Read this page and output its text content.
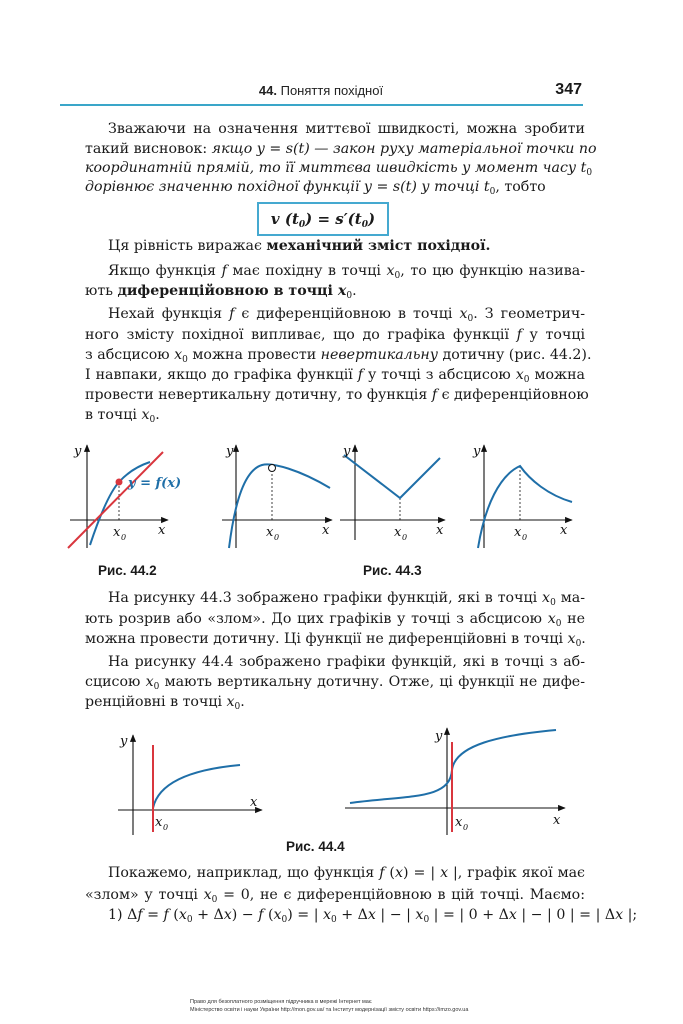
44. Поняття похідної	347
Зважаючи на означення миттєвої швидкості, можна зробити
такий висновок: якщо y = s(t) — закон руху матеріальної точки по
координатній прямій, то її миттєва швидкість у момент часу $t_0$
дорівнює значенню похідної функції y = s(t) у точці $t_0$, тобто
Ця рівність виражає механічний зміст похідної.
Якщо функція f має похідну в точці $x_0$, то цю функцію назива-
ють диференційовною в точці $x_0$.
Нехай функція f є диференційовною в точці $x_0$. З геометрич-
ного змісту похідної випливає, що до графіка функції f у точці
з абсцисою $x_0$ можна провести невертикальну дотичну (рис. 44.2).
І навпаки, якщо до графіка функції f у точці з абсцисою $x_0$ можна
провести невертикальну дотичну, то функція f є диференційовною
в точці $x_0$.
На рисунку 44.3 зображено графіки функцій, які в точці $x_0$ ма-
ють розрив або «злом». До цих графіків у точці з абсцисою $x_0$ не
можна провести дотичну. Ці функції не диференційовні в точці $x_0$.
На рисунку 44.4 зображено графіки функцій, які в точці з аб-
сцисою $x_0$ мають вертикальну дотичну. Отже, ці функції не дифе-
ренційовні в точці $x_0$.
Покажемо, наприклад, що функція f (x) = | x |, графік якої має
«злом» у точці $x_0 = 0$, не є диференційовною в цій точці. Маємо:
1) Δf = f $(x_0 + \Delta x) - f$ $(x_0)$ = | $x_0 + \Delta x$ | − | $x_0$ | = | 0 + Δx | − | 0 | = | Δx |;
v $(t_0) = s'(t_0)$
y
x
x 0
y = f(x)
y
x
x 0
y
x
x 0
y
x
x 0
y
x
x 0
y
x
x 0
Рис. 44.2	Рис. 44.3
Рис. 44.4
Право для безоплатного розміщення підручника в мережі Інтернет має
Міністерство освіти і науки України http://mon.gov.ua/ та Інститут модернізації змісту освіти https://imzo.gov.ua
